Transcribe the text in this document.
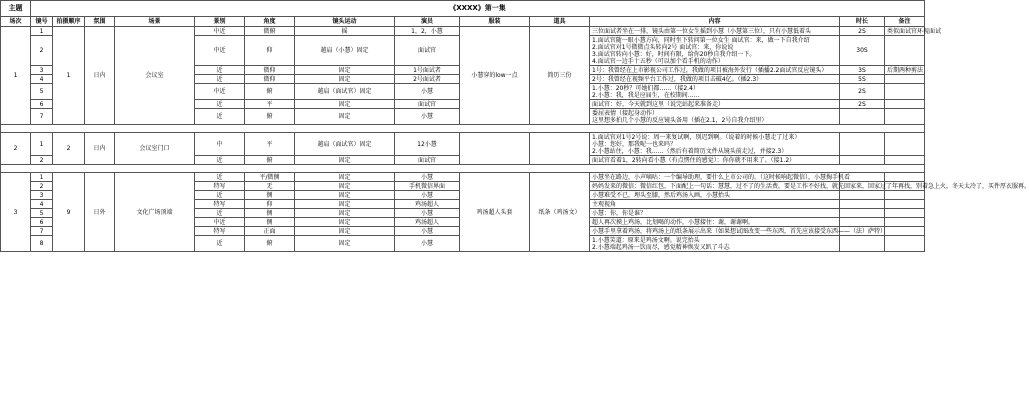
主题	《XXXX》第一集												
场次	镜号	拍摄顺序	氛围	场景	景别	角度	镜头运动	演员	服装	道具	内容	时长	备注
1	1	1	日内	会议室	中近	微俯	摇	1，2，小慧	小慧穿的low一点	简历三份	三位面试者坐在一排，镜头由第一位女生摇到小慧（小慧第三位），只有小慧低着头	2S	类似面试官环视面试
	2				中近	仰	越肩（小慧）固定	面试官			1.面试官随一眼小慧方向，同时坐下转问第一位女生 面试官：来，做一下自我介绍
2.面试官对1号微微点头转向2号 面试官：来，你说说
3.面试官转向小慧：好，时间有限，给你20秒自我介绍一下。
4.面试官一边手十五秒（可以加个看手机的动作）	30S	
	3				近	微仰	固定	1号面试者			1号：我曾经在上市影视公司工作过，我做的项目被海外发行（插播2.2面试官反应镜头）	3S	后期两种剪法
	4				近	微仰	固定	2号面试者			2号：我曾经在视频平台工作过，我做的项目击破4亿。（插2.3）	5S	
	5				中近	俯	越肩（面试官）固定	小慧			1.小慧：20秒？可她们都……（接2.4）
2.小慧：我，我是应届生，在校期间……	2S	
	6				近	平	固定	面试官			面试官：好，今天就到这里（说完站起来准备走）	2S	
	7				近	俯	固定	小慧			委屈表情（接起身动作）
这里想多拍几个小慧的反应镜头备用（插在2.1，2号自我介绍里）		

2	1	2	日内	会议室门口	中	平	越肩（面试官）固定	12小慧			1.面试官对1号2号说：周一来复试啊，别迟到啊。（说着的时候小慧走了过来）
小慧：您好，那我呢一也来吗？
2.小慧站住，小慧：我……（然后有着简历文件从镜头前走过，并接2.3）		

	2				近	俯	固定	面试官			面试官看着1，2转向看小慧（有点愣住的感觉）：你你就不用来了。（接1.2）		

3	1	9	日外	文化广场顶端	近	平/微侧	固定	小慧	鸡汤超人头套	纸条（鸡汤文）	小慧坐在路边，小声嘀咕：一个编导助理，要什么上市公司的。（这时候响起微信），小慧掏手机看		

	2				特写	无	固定	手机微信界面			妈妈发来的微信：微信红包，下面配上一句话：慧慧，过不了的生活费，要是工作不好找，就先回家来，回家过了年再找，别着急上火，冬天太冷了，买件厚衣服再。		

	3				近	侧	固定	小慧			小慧难受不已，埋头至膝，然后鸡汤入画，小慧抬头		

	4				特写	仰	固定	鸡汤超人			主观视角		

	5				近	侧	固定	小慧			小慧：你，你是谁？		

	6				中近	侧	固定	鸡汤超人			超人再次摸上鸡汤，比划喝的动作，小慧接住：谢，谢谢啊。		

	7				特写	正面	固定	小慧			小慧手里拿着鸡汤，将鸡汤上的纸条展示出来（如果想试图改变一些东西，首先应该接受东西——（法）萨特）		

	8				近	俯	固定	小慧			1.小慧笑道：原来是鸡汤文啊。说完抬头
2.小慧端起鸡汤一饮而尽，感觉精神焕发又趴了斗志		
